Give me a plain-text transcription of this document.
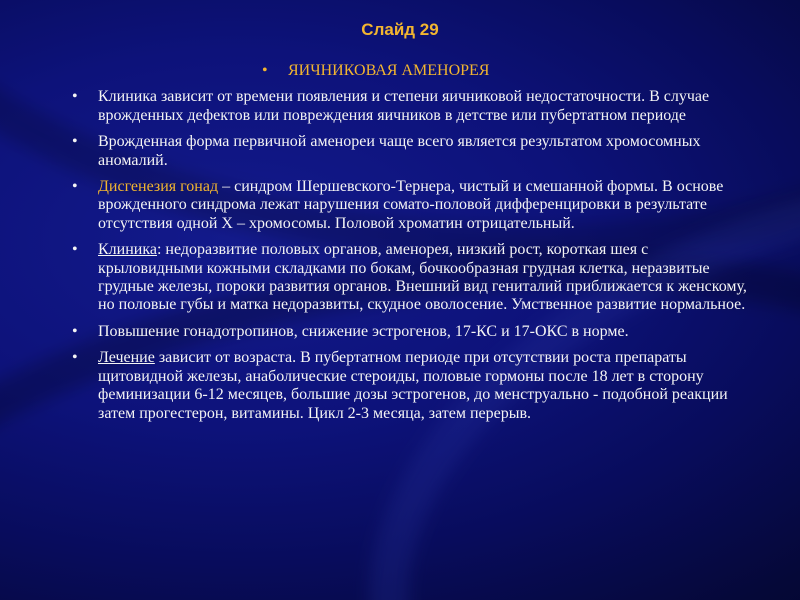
Слайд 29
• ЯИЧНИКОВАЯ АМЕНОРЕЯ
• Клиника зависит от времени появления и степени яичниковой недостаточности. В случае врожденных дефектов или повреждения яичников в детстве или пубертатном периоде
• Врожденная форма первичной аменореи чаще всего является результатом хромосомных аномалий.
• Дисгенезия гонад – синдром Шершевского-Тернера, чистый и смешанной формы. В основе врожденного синдрома лежат нарушения сомато-половой дифференцировки в результате отсутствия одной Х – хромосомы. Половой хроматин отрицательный.
• Клиника: недоразвитие половых органов, аменорея, низкий рост, короткая шея с крыловидными кожными складками по бокам, бочкообразная грудная клетка, неразвитые грудные железы, пороки развития органов. Внешний вид гениталий приближается к женскому, но половые губы и матка недоразвиты, скудное оволосение. Умственное развитие нормальное.
• Повышение гонадотропинов, снижение эстрогенов, 17-КС и 17-ОКС в норме.
• Лечение зависит от возраста. В пубертатном периоде при отсутствии роста препараты щитовидной железы, анаболические стероиды, половые гормоны после 18 лет в сторону феминизации 6-12 месяцев, большие дозы эстрогенов, до менструально - подобной реакции затем прогестерон, витамины. Цикл 2-3 месяца, затем перерыв.
